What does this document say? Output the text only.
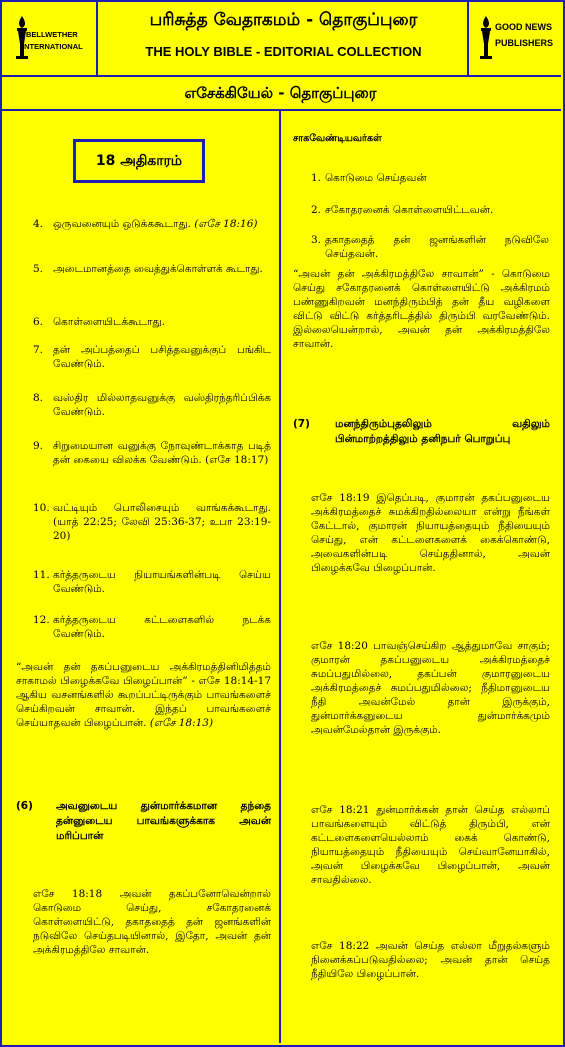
BELLWETHER
INTERNATIONAL
பரிசுத்த வேதாகமம் - தொகுப்புரை
THE HOLY BIBLE - EDITORIAL COLLECTION
GOOD NEWS
PUBLISHERS
எசேக்கியேல் - தொகுப்புரை
18 அதிகாரம்
4. ஒருவனையும் ஒடுக்ககூடாது. (எசே 18:16)
5. அடைமானத்தை வைத்துக்கொள்ளக் கூடாது.
6. கொள்ளையிடக்கூடாது.
7. தன் அப்பத்தைப் பசித்தவனுக்குப் பங்கிட வேண்டும்.
8. வஸ்திர மில்லாதவனுக்கு வஸ்திரந்தரிப்பிக்க வேண்டும்.
9. சிறுமையான வனுக்கு நோவுண்டாக்காத படித் தன் கையை விலக்க வேண்டும். (எசே 18:17)
10. வட்டியும் பொலிசையும் வாங்கக்கூடாது. (யாத் 22:25; லேவி 25:36-37; உபா 23:19-20)
11. கர்த்தருடைய நியாயங்களின்படி செய்ய வேண்டும்.
12. கர்த்தருடைய கட்டளைகளில் நடக்க வேண்டும்.
“அவன் தன் தகப்பனுடைய அக்கிரமத்தினிமித்தம் சாகாமல் பிழைக்கவே பிழைப்பான்” - எசே 18:14-17 ஆகிய வசனங்களில் கூறப்பட்டிருக்கும் பாவங்களைச் செய்கிறவன் சாவான். இந்தப் பாவங்களைச் செய்யாதவன் பிழைப்பான். (எசே 18:13)
(6) அவனுடைய துன்மார்க்கமான தந்தை தன்னுடைய பாவங்களுக்காக அவன் மரிப்பான்
எசே 18:18 அவன் தகப்பனோவென்றால் கொடுமை செய்து, சகோதரனைக் கொள்ளையிட்டு, தகாததைத் தன் ஜனங்களின் நடுவிலே செய்தபடியினால், இதோ, அவன் தன் அக்கிரமத்திலே சாவான்.
சாகவேண்டியவர்கள்
1. கொடுமை செய்தவன்
2. சகோதரனைக் கொள்ளையிட்டவன்.
3. தகாததைத் தன் ஜனங்களின் நடுவிலே செய்தவன்.
“அவன் தன் அக்கிரமத்திலே சாவான்” - கொடுமை செய்து சகோதரனைக் கொள்ளையிட்டு அக்கிரமம் பண்ணுகிறவன் மனந்திரும்பித் தன் தீய வழிகளை விட்டு விட்டு கர்த்தரிடத்தில் திரும்பி வரவேண்டும். இல்லையென்றால், அவன் தன் அக்கிரமத்திலே சாவான்.
(7) மனந்திரும்புதலிலும் வதிலும் பின்மாற்றத்திலும் தனிநபர் பொறுப்பு
எசே 18:19 இதெப்படி, குமாரன் தகப்பனுடைய அக்கிரமத்தைச் சுமக்கிறதில்லையா என்று நீங்கள் கேட்டால், குமாரன் நியாயத்தையும் நீதியையும் செய்து, என் கட்டளைகளைக் கைக்கொண்டு, அவைகளின்படி செய்ததினால், அவன் பிழைக்கவே பிழைப்பான்.
எசே 18:20 பாவஞ்செய்கிற ஆத்துமாவே சாகும்; குமாரன் தகப்பனுடைய அக்கிரமத்தைச் சுமப்பதுமில்லை, தகப்பன் குமாரனுடைய அக்கிரமத்தைச் சுமப்பதுமில்லை; நீதிமானுடைய நீதி அவன்மேல் தான் இருக்கும், துன்மார்க்கனுடைய துன்மார்க்கமும் அவன்மேல்தான் இருக்கும்.
எசே 18:21 துன்மார்க்கன் தான் செய்த எல்லாப் பாவங்களையும் விட்டுத் திரும்பி, என் கட்டளைகளையெல்லாம் கைக் கொண்டு, நியாயத்தையும் நீதியையும் செய்வானேயாகில், அவன் பிழைக்கவே பிழைப்பான், அவன் சாவதில்லை.
எசே 18:22 அவன் செய்த எல்லா மீறுதல்களும் நினைக்கப்படுவதில்லை; அவன் தான் செய்த நீதியிலே பிழைப்பான்.
